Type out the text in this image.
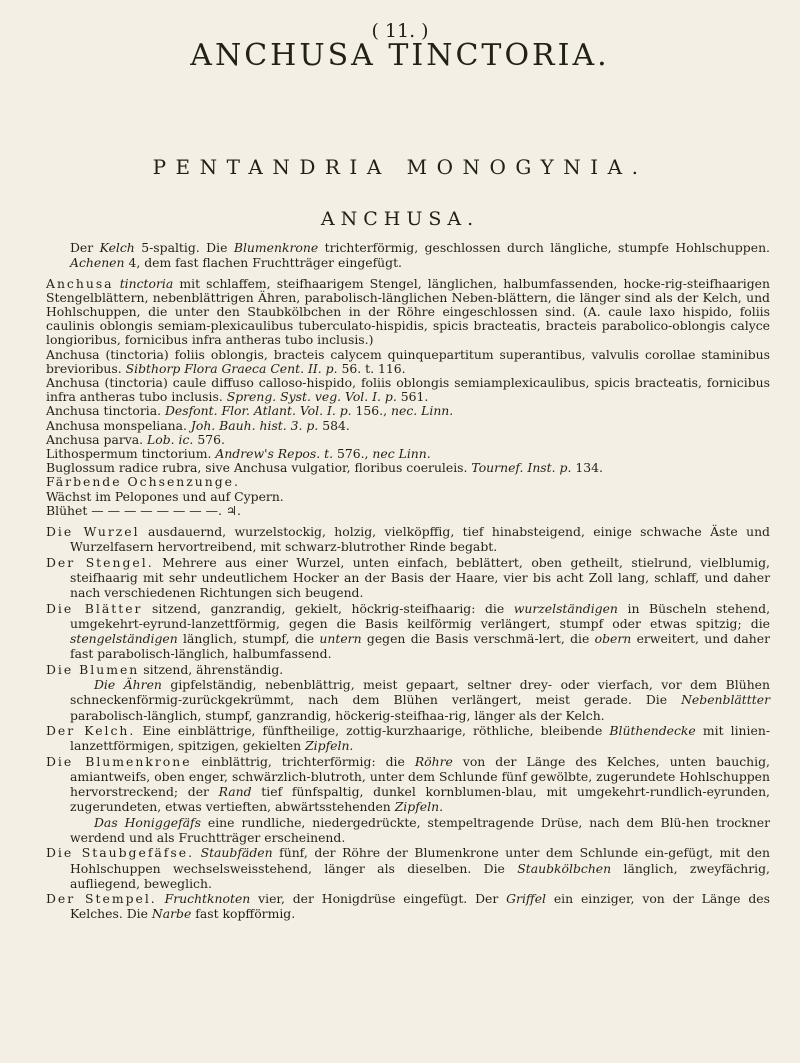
( 11. )
ANCHUSA TINCTORIA.
PENTANDRIA MONOGYNIA.
ANCHUSA.

Der Kelch 5-spaltig. Die Blumenkrone trichterförmig, geschlossen durch längliche, stumpfe Hohlschuppen. Achenen 4, dem fast flachen Fruchtträger eingefügt.

Anchusa tinctoria mit schlaffem, steifhaarigem Stengel, länglichen, halbumfassenden, hocke-rig-steifhaarigen Stengelblättern, nebenblättrigen Ähren, parabolisch-länglichen Neben-blättern, die länger sind als der Kelch, und Hohlschuppen, die unter den Staubkölbchen in der Röhre eingeschlossen sind. (A. caule laxo hispido, foliis caulinis oblongis semiam-plexicaulibus tuberculato-hispidis, spicis bracteatis, bracteis parabolico-oblongis calyce longioribus, fornicibus infra antheras tubo inclusis.)

Anchusa (tinctoria) foliis oblongis, bracteis calycem quinquepartitum superantibus, valvulis corollae staminibus brevioribus. Sibthorp Flora Graeca Cent. II. p. 56. t. 116.

Anchusa (tinctoria) caule diffuso calloso-hispido, foliis oblongis semiamplexicaulibus, spicis bracteatis, fornicibus infra antheras tubo inclusis. Spreng. Syst. veg. Vol. I. p. 561.

Anchusa tinctoria. Desfont. Flor. Atlant. Vol. I. p. 156., nec. Linn.

Anchusa monspeliana. Joh. Bauh. hist. 3. p. 584.

Anchusa parva. Lob. ic. 576.

Lithospermum tinctorium. Andrew's Repos. t. 576., nec Linn.

Buglossum radice rubra, sive Anchusa vulgatior, floribus coeruleis. Tournef. Inst. p. 134.

Färbende Ochsenzunge.

Wächst im Pelopones und auf Cypern.

Blühet — — — — — — — —. ♃.

Die Wurzel ausdauernd, wurzelstockig, holzig, vielköpffig, tief hinabsteigend, einige schwache Äste und Wurzelfasern hervortreibend, mit schwarz-blutrother Rinde begabt.

Der Stengel. Mehrere aus einer Wurzel, unten einfach, beblättert, oben getheilt, stielrund, vielblumig, steifhaarig mit sehr undeutlichem Hocker an der Basis der Haare, vier bis acht Zoll lang, schlaff, und daher nach verschiedenen Richtungen sich beugend.

Die Blätter sitzend, ganzrandig, gekielt, höckrig-steifhaarig: die wurzelständigen in Büscheln stehend, umgekehrt-eyrund-lanzettförmig, gegen die Basis keilförmig verlängert, stumpf oder etwas spitzig; die stengelständigen länglich, stumpf, die untern gegen die Basis verschmä-lert, die obern erweitert, und daher fast parabolisch-länglich, halbumfassend.

Die Blumen sitzend, ährenständig.

Die Ähren gipfelständig, nebenblättrig, meist gepaart, seltner drey- oder vierfach, vor dem Blühen schneckenförmig-zurückgekrümmt, nach dem Blühen verlängert, meist gerade. Die Nebenblättter parabolisch-länglich, stumpf, ganzrandig, höckerig-steifhaa-rig, länger als der Kelch.

Der Kelch. Eine einblättrige, fünftheilige, zottig-kurzhaarige, röthliche, bleibende Blüthendecke mit linien-lanzettförmigen, spitzigen, gekielten Zipfeln.

Die Blumenkrone einblättrig, trichterförmig: die Röhre von der Länge des Kelches, unten bauchig, amiantweifs, oben enger, schwärzlich-blutroth, unter dem Schlunde fünf gewölbte, zugerundete Hohlschuppen hervorstreckend; der Rand tief fünfspaltig, dunkel kornblumen-blau, mit umgekehrt-rundlich-eyrunden, zugerundeten, etwas vertieften, abwärtsstehenden Zipfeln.

Das Honiggefäfs eine rundliche, niedergedrückte, stempeltragende Drüse, nach dem Blü-hen trockner werdend und als Fruchtträger erscheinend.

Die Staubgefäfse. Staubfäden fünf, der Röhre der Blumenkrone unter dem Schlunde ein-gefügt, mit den Hohlschuppen wechselsweisstehend, länger als dieselben. Die Staubkölbchen länglich, zweyfächrig, aufliegend, beweglich.

Der Stempel. Fruchtknoten vier, der Honigdrüse eingefügt. Der Griffel ein einziger, von der Länge des Kelches. Die Narbe fast kopfförmig.
